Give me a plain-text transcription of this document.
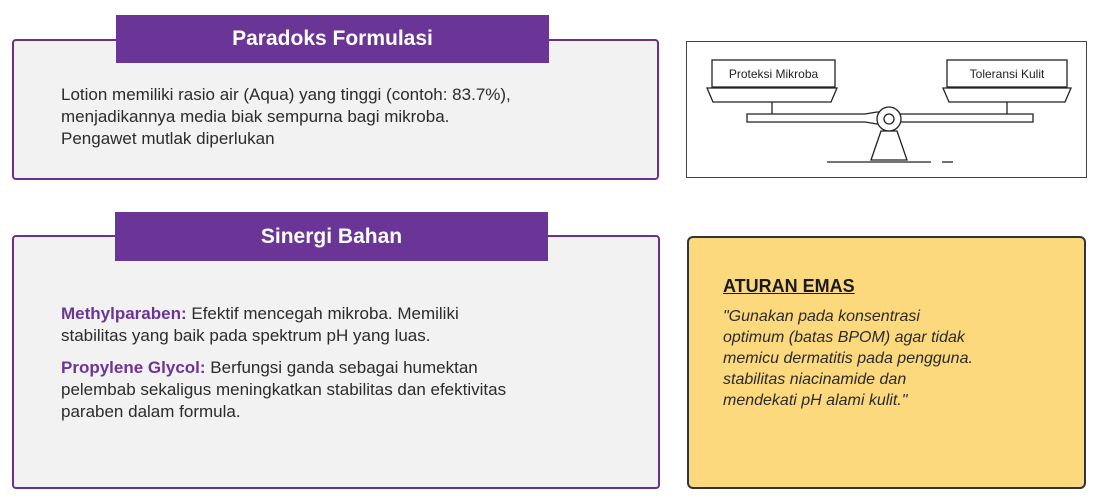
Paradoks Formulasi

Lotion memiliki rasio air (Aqua) yang tinggi (contoh: 83.7%),

menjadikannya media biak sempurna bagi mikroba.

Pengawet mutlak diperlukan

Proteksi Mikroba	Toleransi Kulit
Sinergi Bahan

Methylparaben: Efektif mencegah mikroba. Memiliki
stabilitas yang baik pada spektrum pH yang luas.

Propylene Glycol: Berfungsi ganda sebagai humektan
pelembab sekaligus meningkatkan stabilitas dan efektivitas
paraben dalam formula.

ATURAN EMAS
"Gunakan pada konsentrasi
optimum (batas BPOM) agar tidak
memicu dermatitis pada pengguna.
stabilitas niacinamide dan
mendekati pH alami kulit."
